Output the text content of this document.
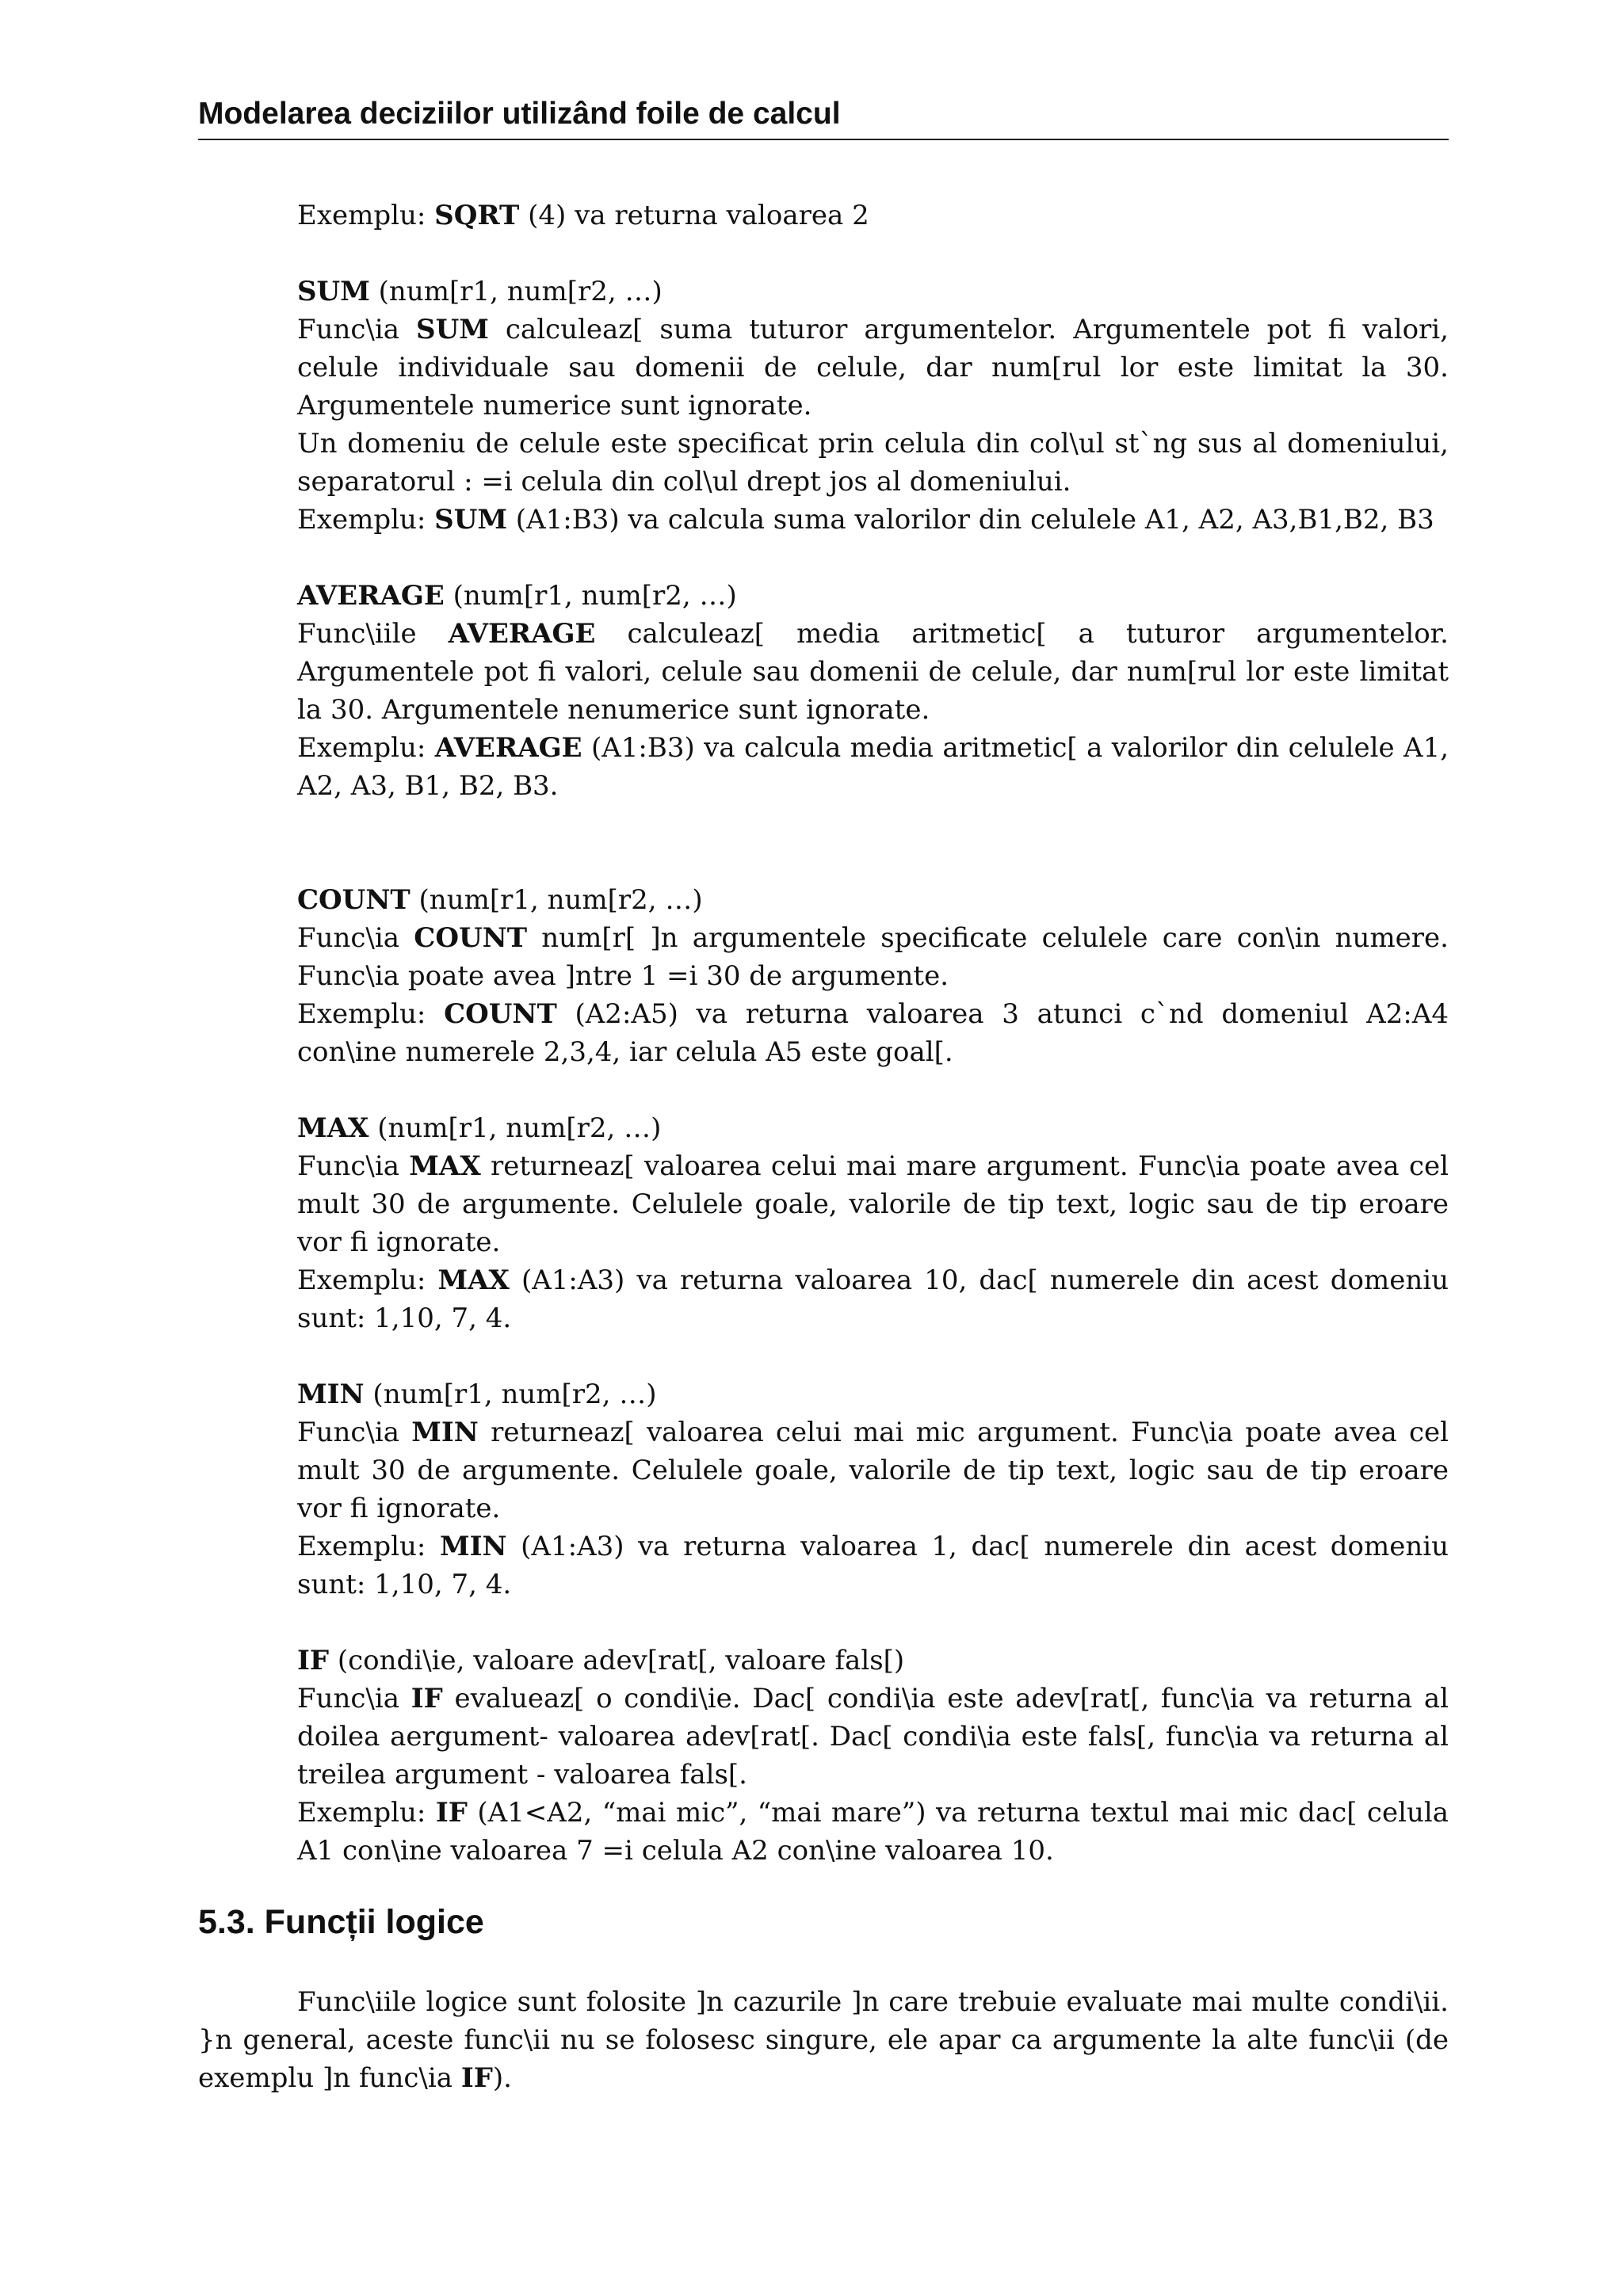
Modelarea deciziilor utilizând foile de calcul

Exemplu: SQRT (4) va returna valoarea 2

SUM (num[r1, num[r2, …)

Func\ia SUM calculeaz[ suma tuturor argumentelor. Argumentele pot fi valori, celule individuale sau domenii de celule, dar num[rul lor este limitat la 30. Argumentele numerice sunt ignorate.

Un domeniu de celule este specificat prin celula din col\ul st`ng sus al domeniului, separatorul : =i celula din col\ul drept jos al domeniului.

Exemplu: SUM (A1:B3) va calcula suma valorilor din celulele A1, A2, A3,B1,B2, B3

AVERAGE (num[r1, num[r2, …)

Func\iile AVERAGE calculeaz[ media aritmetic[ a tuturor argumentelor. Argumentele pot fi valori, celule sau domenii de celule, dar num[rul lor este limitat la 30. Argumentele nenumerice sunt ignorate.

Exemplu: AVERAGE (A1:B3) va calcula media aritmetic[ a valorilor din celulele A1, A2, A3, B1, B2, B3.

COUNT (num[r1, num[r2, …)

Func\ia COUNT num[r[ ]n argumentele specificate celulele care con\in numere. Func\ia poate avea ]ntre 1 =i 30 de argumente.

Exemplu: COUNT (A2:A5) va returna valoarea 3 atunci c`nd domeniul A2:A4 con\ine numerele 2,3,4, iar celula A5 este goal[.

MAX (num[r1, num[r2, …)

Func\ia MAX returneaz[ valoarea celui mai mare argument. Func\ia poate avea cel mult 30 de argumente. Celulele goale, valorile de tip text, logic sau de tip eroare vor fi ignorate.

Exemplu: MAX (A1:A3) va returna valoarea 10, dac[ numerele din acest domeniu sunt: 1,10, 7, 4.

MIN (num[r1, num[r2, …)

Func\ia MIN returneaz[ valoarea celui mai mic argument. Func\ia poate avea cel mult 30 de argumente. Celulele goale, valorile de tip text, logic sau de tip eroare vor fi ignorate.

Exemplu: MIN (A1:A3) va returna valoarea 1, dac[ numerele din acest domeniu sunt: 1,10, 7, 4.

IF (condi\ie, valoare adev[rat[, valoare fals[)

Func\ia IF evalueaz[ o condi\ie. Dac[ condi\ia este adev[rat[, func\ia va returna al doilea aergument- valoarea adev[rat[. Dac[ condi\ia este fals[, func\ia va returna al treilea argument - valoarea fals[.

Exemplu: IF (A1<A2, “mai mic”, “mai mare”) va returna textul mai mic dac[ celula A1 con\ine valoarea 7 =i celula A2 con\ine valoarea 10.

5.3. Funcții logice

Func\iile logice sunt folosite ]n cazurile ]n care trebuie evaluate mai multe condi\ii. }n general, aceste func\ii nu se folosesc singure, ele apar ca argumente la alte func\ii (de exemplu ]n func\ia IF).
